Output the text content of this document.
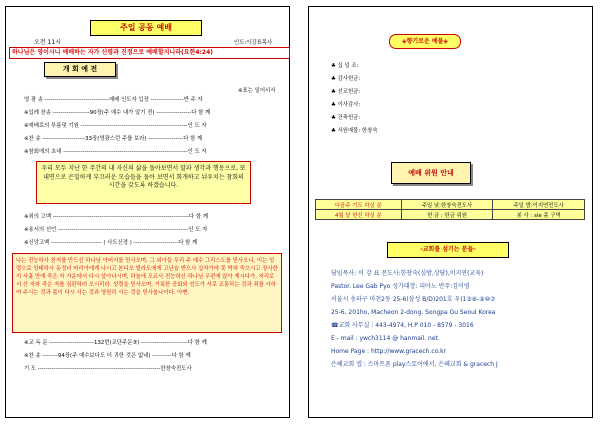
주일 공동 예배
오전 11시	인도:이강표목사
하나님은 영이시니 예배하는 자가 신령과 진정으로 예배할지니라(요한4:24)
개 회 예 전
※표는 일어서서
영 광 송 ---------------------------------예배 인도자 입장 -----------------반 주 자
※입례 찬송 -------------------90장(주 예수 내가 알기 전) ------------------다 함 께
※예배로의 부름및 기원 -------------------------------------------------------인 도 자
※찬 송 ----------------------33장(영광스런 주를 보라) ------------------다 함 께
※참회에의 초대 ----------------------------------------------------------------인 도 자
우리 모두 지난 한 주간의 내 자신의 삶을 돌아보면서 말과 생각과 행동으로, 또 내면으로 은밀하게 부끄러운 모습들을 돌아 보면서 회개하고 뉘우치는 참회의 시간을 갖도록 하겠습니다.
※죄의 고백 ----------------------------------------------------------------------다 함 께
※용서의 선언 -------------------------------------------------------------------인 도 자
※신앙고백 -------------------------- ( 사도신경 ) -----------------------다 함 께
나는 전능하사 천지를 만드신 하나님 아버지를 믿사오며, 그 외아들 우리 주 예수 그리스도를 믿사오니, 이는 성령으로 잉태하사 동정녀 마리아에게 나시고 본디오 빌라도에게 고난을 받으사 십자가에 못 박혀 죽으시고 장사한지 사흘 만에 죽은 자 가운데서 다시 살아나시며, 하늘에 오르사 전능하신 하나님 우편에 앉아 계시다가, 저리로서 산 자와 죽은 자를 심판하러 오시리라. 성령을 믿사오며, 거룩한 공회와 성도가 서로 교통하는 것과 죄를 사하여 주시는 것과 몸이 다시 사는 것과 영원히 사는 것을 믿사옵나이다. 아멘.
※교 독 문 -----------------------132번(교단주문③) ------------------------다 함 께
※찬 송 --------94장(주 예수보다도 더 귀한 것은 없네) ----------다 함 께
기 도 ---------------------------------------------------------------한창숙전도사
◈향기로운 예물◈
♣ 십 일 조:
♣ 감사헌금:
♣ 선교헌금:
♣ 이사감사:
♣ 건축헌금:
♣ 서원예물: 한창숙
예배 위원 안내
다음주 기도 하실 분	주일 낮:한창숙전도사	주일 밤:이지연전도사
4월 달 헌신 하실 분	헌 금 : 한금 위원	봉 사 : sie 좀 구역
-교회를 섬기는 분들-
담임목사: 이 강 표 전도사:한창숙(심방,상담),이지연(교육)
Pastor. Lee Gab Pyo 성가대장: 피아노 반주:김미영
서울시 송파구 마천2동 25-6(삼성 B/D)201호 우)1③⑧-⑨⑩⑦
25-6, 201ho, Macheon 2-dong, Songpa Gu Seoul Korea
☎교회 사무실 : 443-4974, H.P 010 - 8579 - 3016
E - mail : ywch3114 @ hanmail. net.
Home Page : http://www.gracech.co.kr
은혜교회 앱 : 스마트폰 play스토어에서, 은혜교회 & gracech J
